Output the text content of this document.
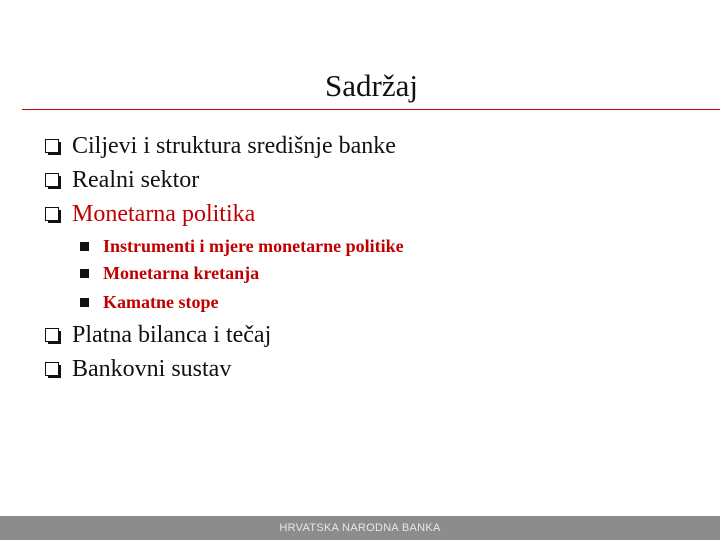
Sadržaj
Ciljevi i struktura središnje banke
Realni sektor
Monetarna politika
Instrumenti i mjere monetarne politike
Monetarna kretanja
Kamatne stope
Platna bilanca i tečaj
Bankovni sustav
HRVATSKA NARODNA BANKA
